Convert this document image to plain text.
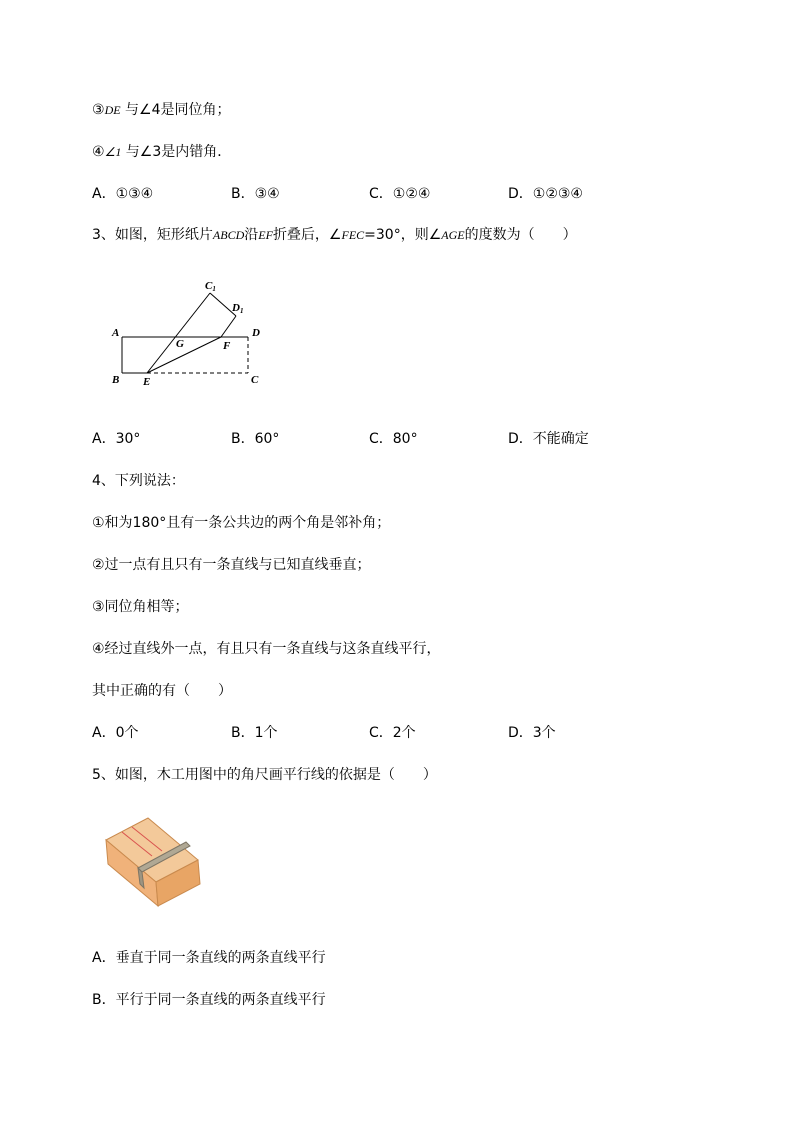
③DE 与∠4是同位角；
④∠1 与∠3是内错角．
A．①③④	B．③④	C．①②④	D．①②③④
3、如图，矩形纸片ABCD沿EF折叠后，∠FEC=30°，则∠AGE的度数为（　　）
A
B	C
D
E
F
G
C1
D1
A．30°	B．60°	C．80°	D．不能确定
4、下列说法：
①和为180°且有一条公共边的两个角是邻补角；
②过一点有且只有一条直线与已知直线垂直；
③同位角相等；
④经过直线外一点，有且只有一条直线与这条直线平行，
其中正确的有（　　）
A．0个	B．1个	C．2个	D．3个
5、如图，木工用图中的角尺画平行线的依据是（　　）
A．垂直于同一条直线的两条直线平行
B．平行于同一条直线的两条直线平行
